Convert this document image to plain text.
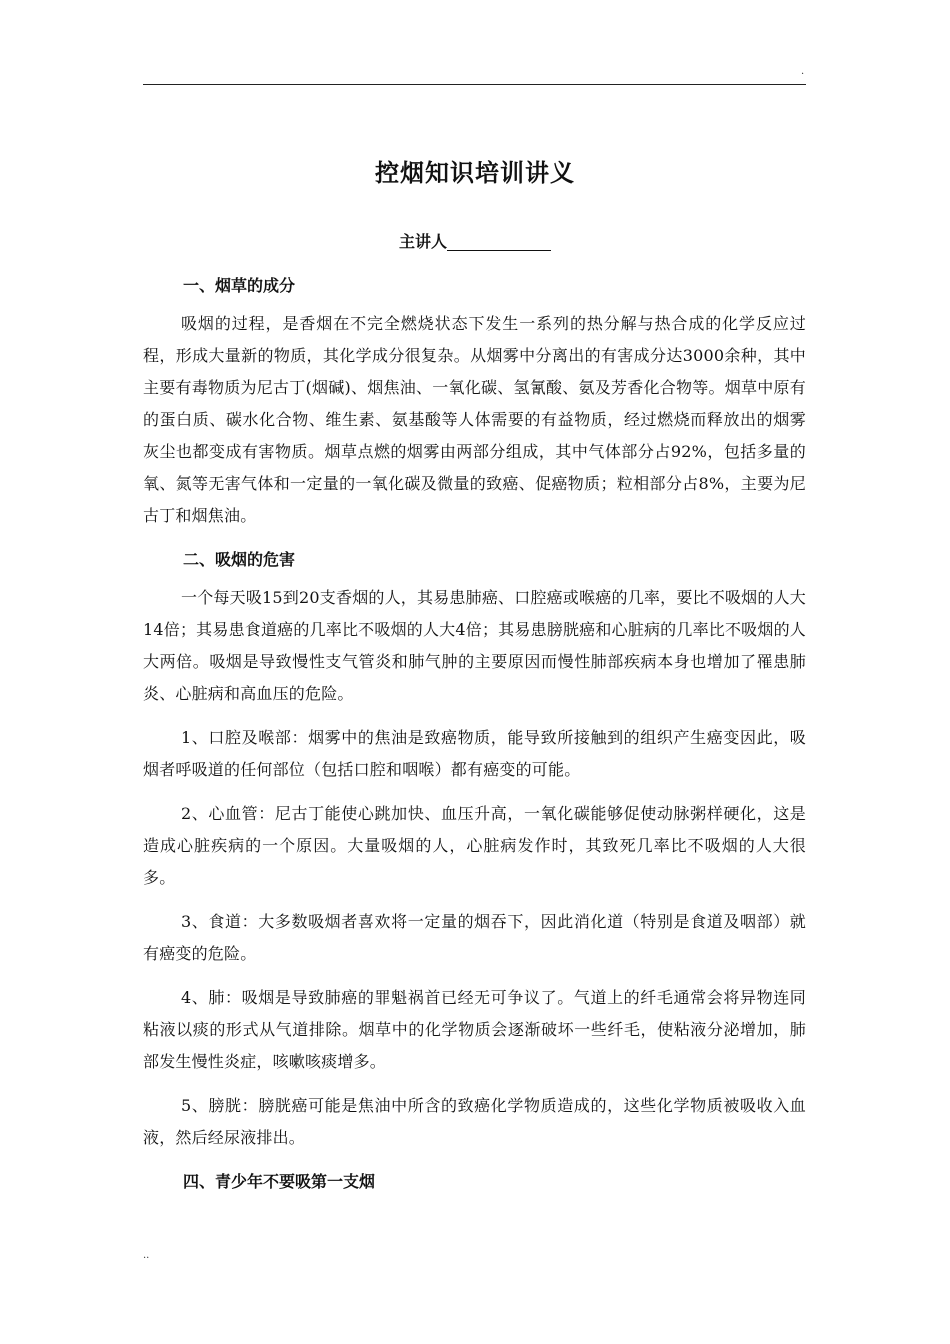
.
控烟知识培训讲义
主讲人

一、烟草的成分

吸烟的过程，是香烟在不完全燃烧状态下发生一系列的热分解与热合成的化学反应过程，形成大量新的物质，其化学成分很复杂。从烟雾中分离出的有害成分达3000余种，其中主要有毒物质为尼古丁(烟碱)、烟焦油、一氧化碳、氢氰酸、氨及芳香化合物等。烟草中原有的蛋白质、碳水化合物、维生素、氨基酸等人体需要的有益物质，经过燃烧而释放出的烟雾灰尘也都变成有害物质。烟草点燃的烟雾由两部分组成，其中气体部分占92%，包括多量的氧、氮等无害气体和一定量的一氧化碳及微量的致癌、促癌物质；粒相部分占8%，主要为尼古丁和烟焦油。

二、吸烟的危害

一个每天吸15到20支香烟的人，其易患肺癌、口腔癌或喉癌的几率，要比不吸烟的人大14倍；其易患食道癌的几率比不吸烟的人大4倍；其易患膀胱癌和心脏病的几率比不吸烟的人大两倍。吸烟是导致慢性支气管炎和肺气肿的主要原因而慢性肺部疾病本身也增加了罹患肺炎、心脏病和高血压的危险。

1、口腔及喉部：烟雾中的焦油是致癌物质，能导致所接触到的组织产生癌变因此，吸烟者呼吸道的任何部位（包括口腔和咽喉）都有癌变的可能。

2、心血管：尼古丁能使心跳加快、血压升高，一氧化碳能够促使动脉粥样硬化，这是造成心脏疾病的一个原因。大量吸烟的人，心脏病发作时，其致死几率比不吸烟的人大很多。

3、食道：大多数吸烟者喜欢将一定量的烟吞下，因此消化道（特别是食道及咽部）就有癌变的危险。

4、肺：吸烟是导致肺癌的罪魁祸首已经无可争议了。气道上的纤毛通常会将异物连同粘液以痰的形式从气道排除。烟草中的化学物质会逐渐破坏一些纤毛，使粘液分泌增加，肺部发生慢性炎症，咳嗽咳痰增多。

5、膀胱：膀胱癌可能是焦油中所含的致癌化学物质造成的，这些化学物质被吸收入血液，然后经尿液排出。

四、青少年不要吸第一支烟

..
